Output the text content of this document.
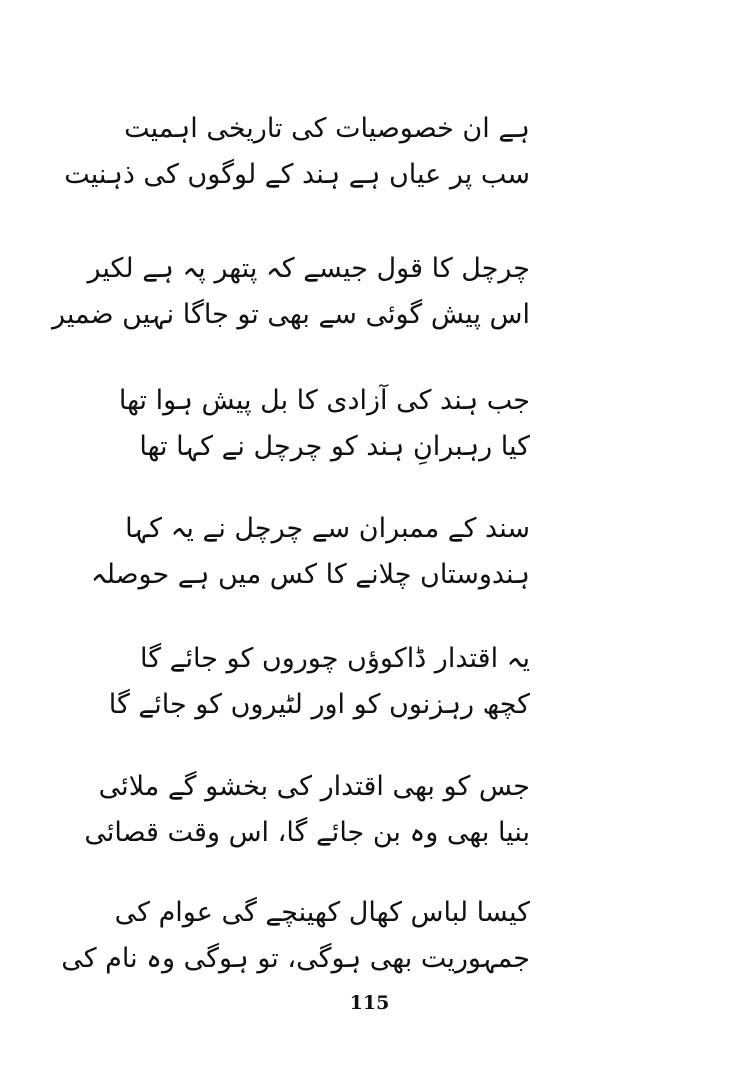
ہے ان خصوصیات کی تاریخی اہمیت
سب پر عیاں ہے ہند کے لوگوں کی ذہنیت
چرچل کا قول جیسے کہ پتھر پہ ہے لکیر
اس پیش گوئی سے بھی تو جاگا نہیں ضمیر
جب ہند کی آزادی کا بل پیش ہوا تھا
کیا رہبرانِ ہند کو چرچل نے کہا تھا
سند کے ممبران سے چرچل نے یہ کہا
ہندوستاں چلانے کا کس میں ہے حوصلہ
یہ اقتدار ڈاکوؤں چوروں کو جائے گا
کچھ رہزنوں کو اور لٹیروں کو جائے گا
جس کو بھی اقتدار کی بخشو گے ملائی
بنیا بھی وہ بن جائے گا، اس وقت قصائی
کیسا لباس کھال کھینچے گی عوام کی
جمہوریت بھی ہوگی، تو ہوگی وہ نام کی
115
